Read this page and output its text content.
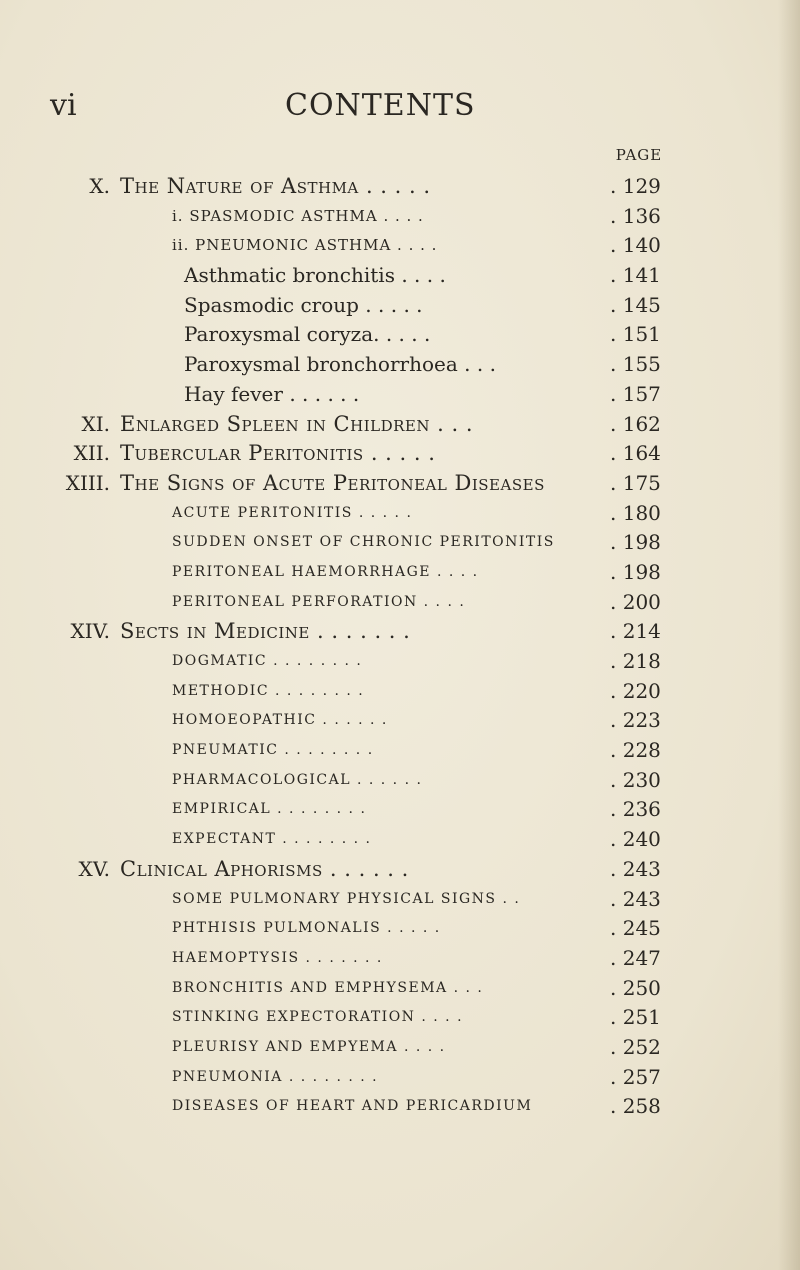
vi	CONTENTS
PAGE
X. The Nature of Asthma . . . . .	. 129
i. SPASMODIC ASTHMA . . . .	. 136
ii. PNEUMONIC ASTHMA . . . .	. 140
Asthmatic bronchitis . . . .	. 141
Spasmodic croup . . . . .	. 145
Paroxysmal coryza. . . . .	. 151
Paroxysmal bronchorrhoea . . .	. 155
Hay fever . . . . . .	. 157
XI. Enlarged Spleen in Children . . .	. 162
XII. Tubercular Peritonitis . . . . .	. 164
XIII. The Signs of Acute Peritoneal Diseases	. 175
ACUTE PERITONITIS . . . . .	. 180
SUDDEN ONSET OF CHRONIC PERITONITIS	. 198
PERITONEAL HAEMORRHAGE . . . .	. 198
PERITONEAL PERFORATION . . . .	. 200
XIV. Sects in Medicine . . . . . . .	. 214
DOGMATIC . . . . . . . .	. 218
METHODIC . . . . . . . .	. 220
HOMOEOPATHIC . . . . . .	. 223
PNEUMATIC . . . . . . . .	. 228
PHARMACOLOGICAL . . . . . .	. 230
EMPIRICAL . . . . . . . .	. 236
EXPECTANT . . . . . . . .	. 240
XV. Clinical Aphorisms . . . . . .	. 243
SOME PULMONARY PHYSICAL SIGNS . .	. 243
PHTHISIS PULMONALIS . . . . .	. 245
HAEMOPTYSIS . . . . . . .	. 247
BRONCHITIS AND EMPHYSEMA . . .	. 250
STINKING EXPECTORATION . . . .	. 251
PLEURISY AND EMPYEMA . . . .	. 252
PNEUMONIA . . . . . . . .	. 257
DISEASES OF HEART AND PERICARDIUM	. 258
